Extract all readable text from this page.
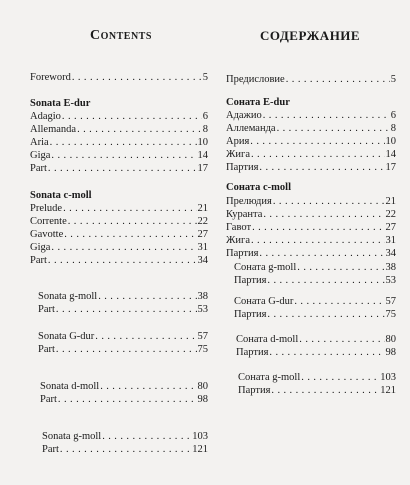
Contents
Foreword . . .	5
Sonata E-dur
Adagio . . .	6
Allemanda . . .	8
Aria . . .	10
Giga . . .	14
Part . . .	17
Sonata c-moll
Prelude . . .	21
Corrente . . .	22
Gavotte . . .	27
Giga . . .	31
Part . . .	34
Sonata g-moll . . .	38
Part . . .	53
Sonata G-dur . . .	57
Part . . .	75
Sonata d-moll . . .	80
Part . . .	98
Sonata g-moll . . .	103
Part . . .	121
СОДЕРЖАНИЕ
Предисловие . . .	5
Соната E-dur
Адажио . . .	6
Аллеманда . . .	8
Ария . . .	10
Жига . . .	14
Партия . . .	17
Соната c-moll
Прелюдия . . .	21
Куранта . . .	22
Гавот . . .	27
Жига . . .	31
Партия . . .	34
Соната g-moll . . .	38
Партия . . .	53
Соната G-dur . . .	57
Партия . . .	75
Соната d-moll . . .	80
Партия . . .	98
Соната g-moll . . .	103
Партия . . .	121
